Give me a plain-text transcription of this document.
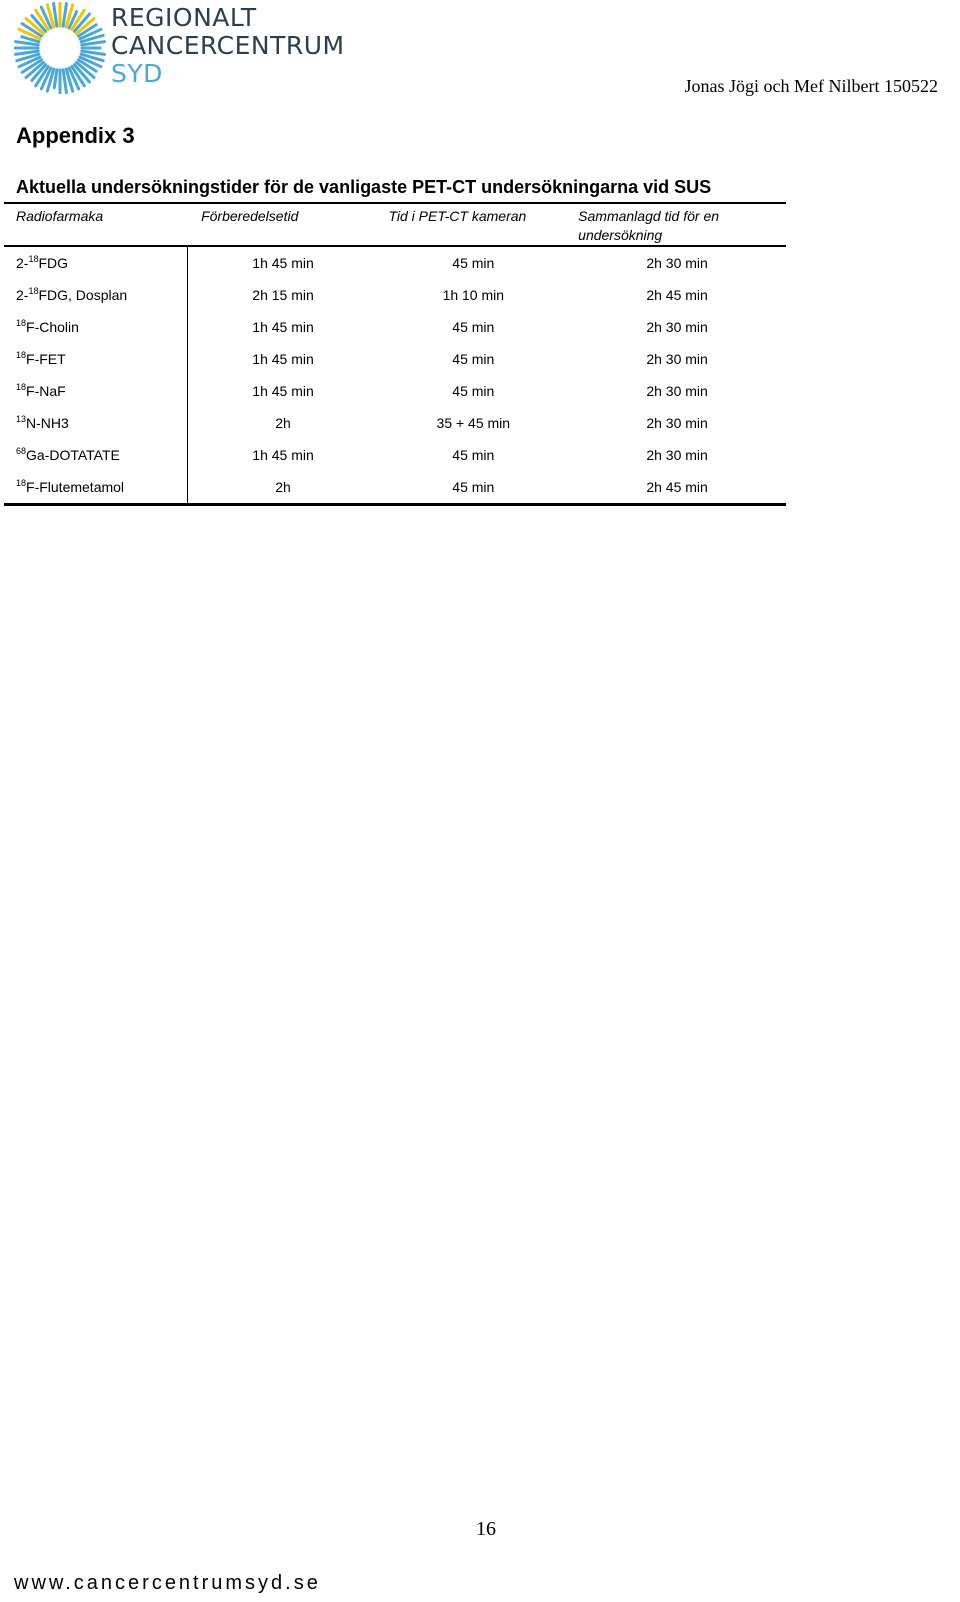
REGIONALT
CANCERCENTRUM
SYD	Jonas Jögi och Mef Nilbert 150522
Appendix 3
Aktuella undersökningstider för de vanligaste PET-CT undersökningarna vid SUS
Radiofarmaka	Förberedelsetid	Tid i PET-CT kameran	Sammanlagd tid för en undersökning
2-$^{18}$FDG	1h 45 min	45 min	2h 30 min
2-$^{18}$FDG, Dosplan	2h 15 min	1h 10 min	2h 45 min
$^{18}$F-Cholin	1h 45 min	45 min	2h 30 min
$^{18}$F-FET	1h 45 min	45 min	2h 30 min
$^{18}$F-NaF	1h 45 min	45 min	2h 30 min
$^{13}$N-NH3	2h	35 + 45 min	2h 30 min
$^{68}$Ga-DOTATATE	1h 45 min	45 min	2h 30 min
$^{18}$F-Flutemetamol	2h	45 min	2h 45 min
16
www.cancercentrumsyd.se
